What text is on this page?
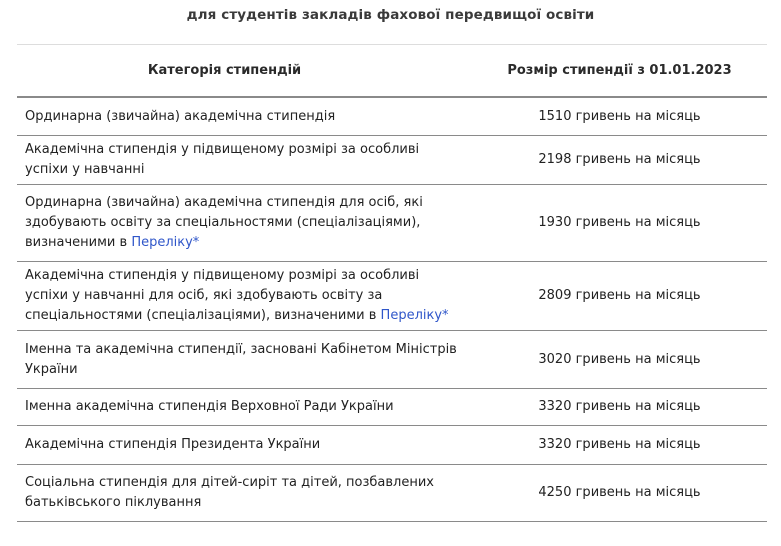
для студентів закладів фахової передвищої освіти
Категорія стипендій	Розмір стипендії з 01.01.2023
Ординарна (звичайна) академічна стипендія	1510 гривень на місяць
Академічна стипендія у підвищеному розмірі за особливі успіхи у навчанні	2198 гривень на місяць
Ординарна (звичайна) академічна стипендія для осіб, які здобувають освіту за спеціальностями (спеціалізаціями), визначеними в Переліку*	1930 гривень на місяць
Академічна стипендія у підвищеному розмірі за особливі успіхи у навчанні для осіб, які здобувають освіту за спеціальностями (спеціалізаціями), визначеними в Переліку*	2809 гривень на місяць
Іменна та академічна стипендії, засновані Кабінетом Міністрів України	3020 гривень на місяць
Іменна академічна стипендія Верховної Ради України	3320 гривень на місяць
Академічна стипендія Президента України	3320 гривень на місяць
Соціальна стипендія для дітей-сиріт та дітей, позбавлених батьківського піклування	4250 гривень на місяць
